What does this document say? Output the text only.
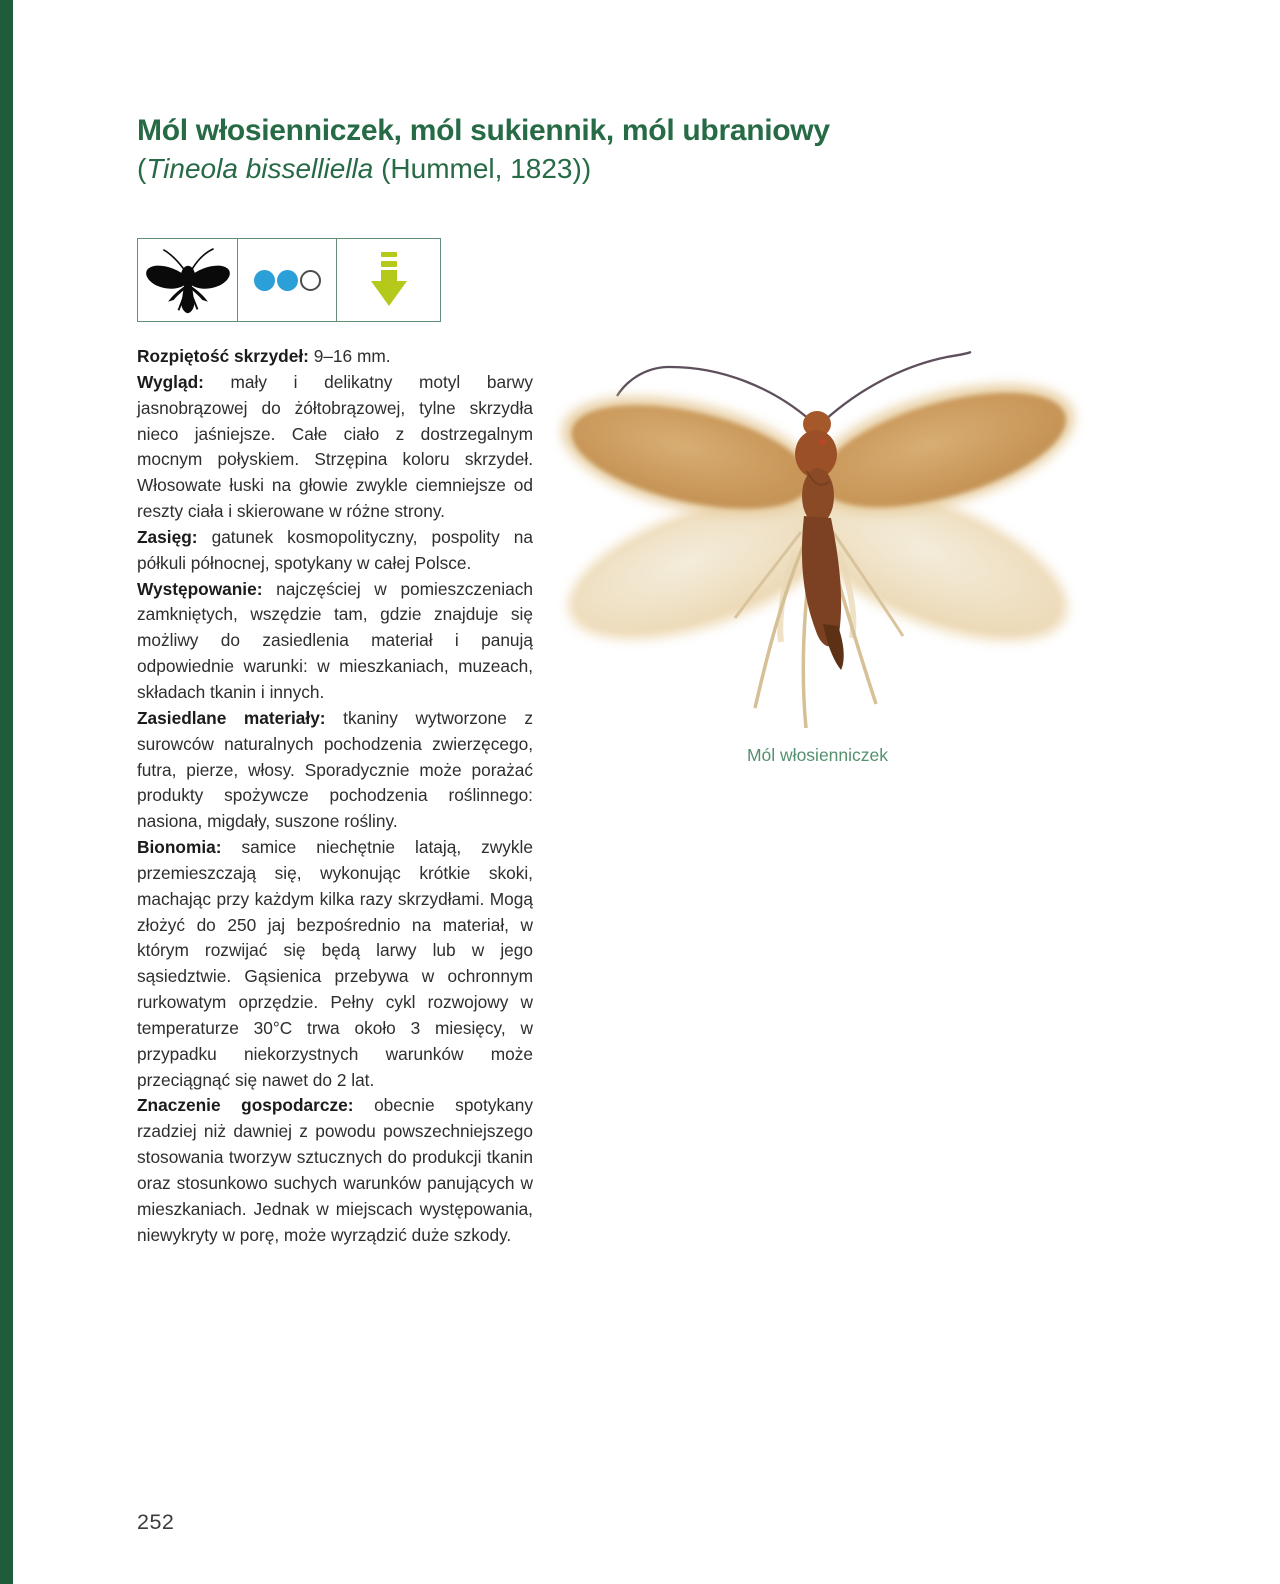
Mól włosienniczek, mól sukiennik, mól ubraniowy
(Tineola bisselliella (Hummel, 1823))

Rozpiętość skrzydeł: 9–16 mm.

Wygląd: mały i delikatny motyl barwy jasnobrązowej do żółtobrązowej, tylne skrzydła nieco jaśniejsze. Całe ciało z dostrzegalnym mocnym połyskiem. Strzępina koloru skrzydeł. Włosowate łuski na głowie zwykle ciemniejsze od reszty ciała i skierowane w różne strony.

Zasięg: gatunek kosmopolityczny, pospolity na półkuli północnej, spotykany w całej Polsce.

Występowanie: najczęściej w pomieszczeniach zamkniętych, wszędzie tam, gdzie znajduje się możliwy do zasiedlenia materiał i panują odpowiednie warunki: w mieszkaniach, muzeach, składach tkanin i innych.

Zasiedlane materiały: tkaniny wytworzone z surowców naturalnych pochodzenia zwierzęcego, futra, pierze, włosy. Sporadycznie może porażać produkty spożywcze pochodzenia roślinnego: nasiona, migdały, suszone rośliny.

Bionomia: samice niechętnie latają, zwykle przemieszczają się, wykonując krótkie skoki, machając przy każdym kilka razy skrzydłami. Mogą złożyć do 250 jaj bezpośrednio na materiał, w którym rozwijać się będą larwy lub w jego sąsiedztwie. Gąsienica przebywa w ochronnym rurkowatym oprzędzie. Pełny cykl rozwojowy w temperaturze 30°C trwa około 3 miesięcy, w przypadku niekorzystnych warunków może przeciągnąć się nawet do 2 lat.

Znaczenie gospodarcze: obecnie spotykany rzadziej niż dawniej z powodu powszechniejszego stosowania tworzyw sztucznych do produkcji tkanin oraz stosunkowo suchych warunków panujących w mieszkaniach. Jednak w miejscach występowania, niewykryty w porę, może wyrządzić duże szkody.

Mól włosienniczek
252
